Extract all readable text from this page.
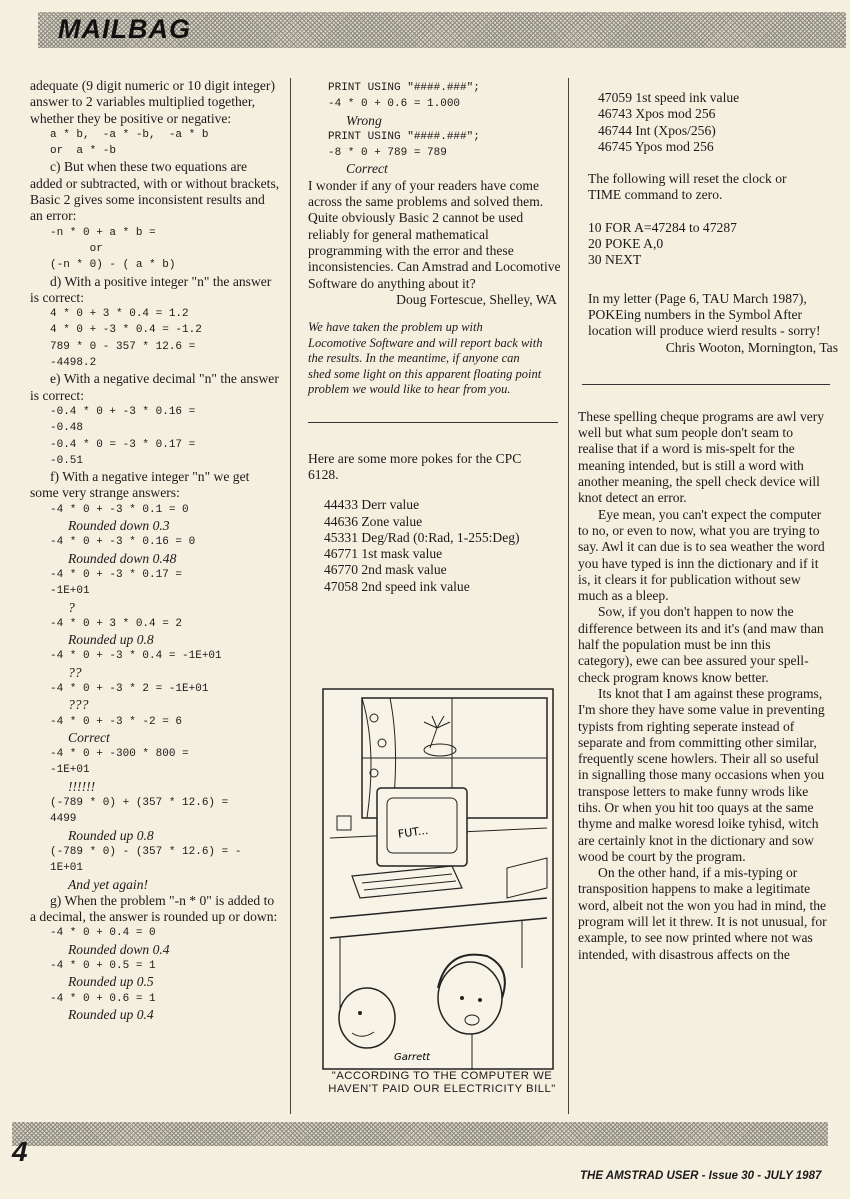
MAILBAG

adequate (9 digit numeric or 10 digit integer) answer to 2 variables multiplied together, whether they be positive or negative:

a * b,  -a * -b,  -a * b
or  a * -b

c) But when these two equations are added or subtracted, with or without brackets, Basic 2 gives some inconsistent results and an error:

-n * 0 + a * b =
or
(-n * 0) - ( a * b)

d) With a positive integer "n" the answer is correct:

4 * 0 + 3 * 0.4 = 1.2
4 * 0 + -3 * 0.4 = -1.2
789 * 0 - 357 * 12.6 =
-4498.2

e) With a negative decimal "n" the answer is correct:

-0.4 * 0 + -3 * 0.16 =
-0.48
-0.4 * 0 = -3 * 0.17 =
-0.51

f) With a negative integer "n" we get some very strange answers:

-4 * 0 + -3 * 0.1 = 0

Rounded down 0.3

-4 * 0 + -3 * 0.16 = 0

Rounded down 0.48

-4 * 0 + -3 * 0.17 =
-1E+01

?

-4 * 0 + 3 * 0.4 = 2

Rounded up 0.8

-4 * 0 + -3 * 0.4 = -1E+01

??

-4 * 0 + -3 * 2 = -1E+01

???

-4 * 0 + -3 * -2 = 6

Correct

-4 * 0 + -300 * 800 =
-1E+01

!!!!!!

(-789 * 0) + (357 * 12.6) =
4499

Rounded up 0.8

(-789 * 0) - (357 * 12.6) = -
1E+01

And yet again!

g) When the problem "-n * 0" is added to a decimal, the answer is rounded up or down:

-4 * 0 + 0.4 = 0

Rounded down 0.4

-4 * 0 + 0.5 = 1

Rounded up 0.5

-4 * 0 + 0.6 = 1

Rounded up 0.4

PRINT USING "####.###";
-4 * 0 + 0.6 = 1.000

Wrong

PRINT USING "####.###";
-8 * 0 + 789 = 789

Correct

I wonder if any of your readers have come across the same problems and solved them. Quite obviously Basic 2 cannot be used reliably for general mathematical programming with the error and these inconsistencies. Can Amstrad and Locomotive Software do anything about it?

Doug Fortescue, Shelley, WA

We have taken the problem up with Locomotive Software and will report back with the results. In the meantime, if anyone can shed some light on this apparent floating point problem we would like to hear from you.

Here are some more pokes for the CPC 6128.

44433 Derr value
44636 Zone value
45331 Deg/Rad (0:Rad, 1-255:Deg)
46771 1st mask value
46770 2nd mask value
47058 2nd speed ink value
FUT...
Garrett
"ACCORDING TO THE COMPUTER WE HAVEN'T PAID OUR ELECTRICITY BILL"
47059 1st speed ink value
46743 Xpos mod 256
46744 Int (Xpos/256)
46745 Ypos mod 256

The following will reset the clock or TIME command to zero.

10 FOR A=47284 to 47287
20 POKE A,0
30 NEXT

In my letter (Page 6, TAU March 1987), POKEing numbers in the Symbol After location will produce wierd results - sorry!

Chris Wooton, Mornington, Tas

These spelling cheque programs are awl very well but what sum people don't seam to realise that if a word is mis-spelt for the meaning intended, but is still a word with another meaning, the spell check device will knot detect an error.

Eye mean, you can't expect the computer to no, or even to now, what you are trying to say. Awl it can due is to sea weather the word you have typed is inn the dictionary and if it is, it clears it for publication without sew much as a bleep.

Sow, if you don't happen to now the difference between its and it's (and maw than half the population must be inn this category), ewe can bee assured your spell-check program knows know better.

Its knot that I am against these programs, I'm shore they have some value in preventing typists from righting seperate instead of separate and from committing other similar, frequently scene howlers. Their all so useful in signalling those many occasions when you transpose letters to make funny wrods like tihs. Or when you hit too quays at the same thyme and malke woresd loike tyhisd, witch are certainly knot in the dictionary and sow wood be court by the program.

On the other hand, if a mis-typing or transposition happens to make a legitimate word, albeit not the won you had in mind, the program will let it threw. It is not unusual, for example, to see now printed where not was intended, with disastrous affects on the

4
THE AMSTRAD USER - Issue 30 - JULY 1987
